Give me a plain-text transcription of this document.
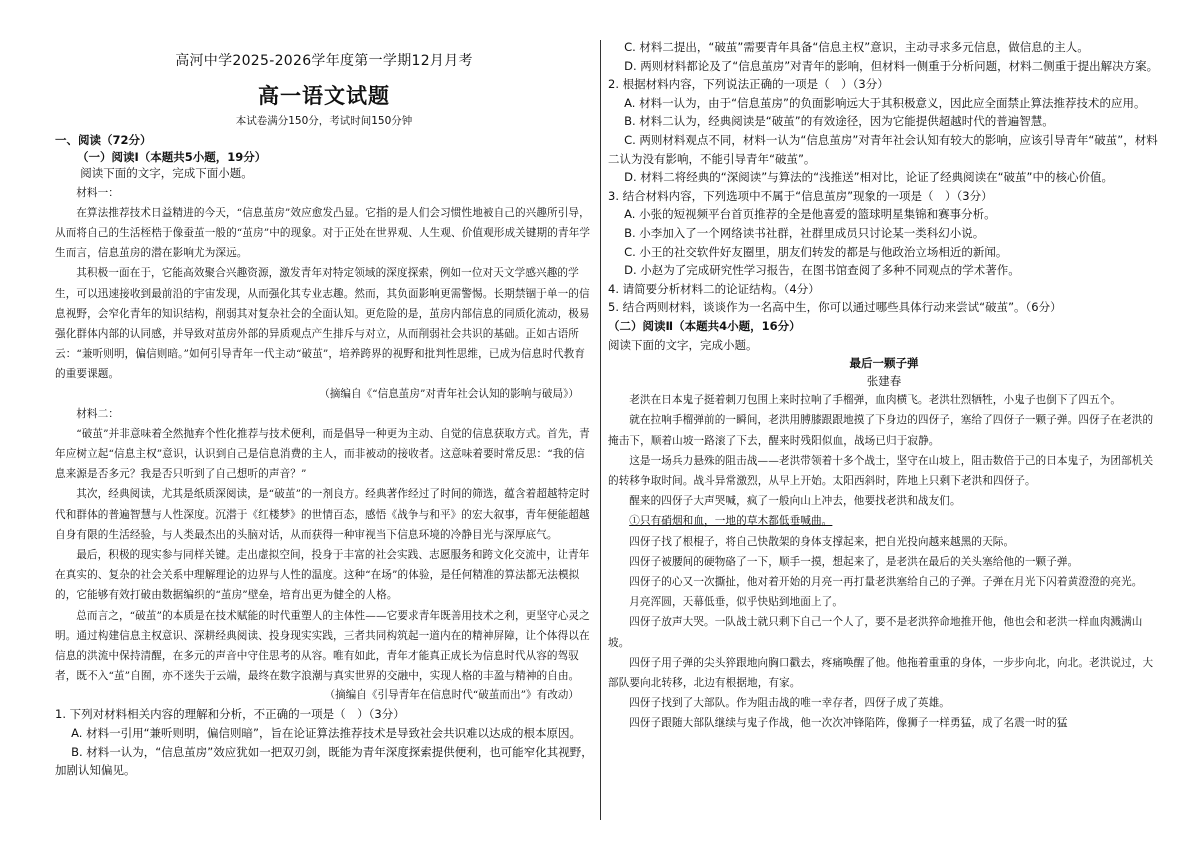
高河中学2025-2026学年度第一学期12月月考
高一语文试题
本试卷满分150分，考试时间150分钟
一、阅读（72分）
（一）阅读Ⅰ（本题共5小题，19分）

阅读下面的文字，完成下面小题。

材料一：

在算法推荐技术日益精进的今天，“信息茧房”效应愈发凸显。它指的是人们会习惯性地被自己的兴趣所引导，从而将自己的生活桎梏于像蚕茧一般的“茧房”中的现象。对于正处在世界观、人生观、价值观形成关键期的青年学生而言，信息茧房的潜在影响尤为深远。

其积极一面在于，它能高效聚合兴趣资源，激发青年对特定领域的深度探索，例如一位对天文学感兴趣的学生，可以迅速接收到最前沿的宇宙发现，从而强化其专业志趣。然而，其负面影响更需警惕。长期禁锢于单一的信息视野，会窄化青年的知识结构，削弱其对复杂社会的全面认知。更危险的是，茧房内部信息的同质化流动，极易强化群体内部的认同感，并导致对茧房外部的异质观点产生排斥与对立，从而削弱社会共识的基础。正如古语所云：“兼听则明，偏信则暗。”如何引导青年一代主动“破茧”，培养跨界的视野和批判性思维，已成为信息时代教育的重要课题。

（摘编自《“信息茧房”对青年社会认知的影响与破局》）

材料二：

“破茧”并非意味着全然抛弃个性化推荐与技术便利，而是倡导一种更为主动、自觉的信息获取方式。首先，青年应树立起“信息主权”意识，认识到自己是信息消费的主人，而非被动的接收者。这意味着要时常反思：“我的信息来源是否多元？我是否只听到了自己想听的声音？”

其次，经典阅读，尤其是纸质深阅读，是“破茧”的一剂良方。经典著作经过了时间的筛选，蕴含着超越特定时代和群体的普遍智慧与人性深度。沉潜于《红楼梦》的世情百态，感悟《战争与和平》的宏大叙事，青年便能超越自身有限的生活经验，与人类最杰出的头脑对话，从而获得一种审视当下信息环境的冷静目光与深厚底气。

最后，积极的现实参与同样关键。走出虚拟空间，投身于丰富的社会实践、志愿服务和跨文化交流中，让青年在真实的、复杂的社会关系中理解理论的边界与人性的温度。这种“在场”的体验，是任何精准的算法都无法模拟的，它能够有效打破由数据编织的“茧房”壁垒，培育出更为健全的人格。

总而言之，“破茧”的本质是在技术赋能的时代重塑人的主体性——它要求青年既善用技术之利，更坚守心灵之明。通过构建信息主权意识、深耕经典阅读、投身现实实践，三者共同构筑起一道内在的精神屏障，让个体得以在信息的洪流中保持清醒，在多元的声音中守住思考的从容。唯有如此，青年才能真正成长为信息时代从容的驾驭者，既不入“茧”自囿，亦不迷失于云端，最终在数字浪潮与真实世界的交融中，实现人格的丰盈与精神的自由。

（摘编自《引导青年在信息时代“破茧而出”》有改动）

1. 下列对材料相关内容的理解和分析，不正确的一项是（　）（3分）

A. 材料一引用“兼听则明，偏信则暗”，旨在论证算法推荐技术是导致社会共识难以达成的根本原因。

B. 材料一认为，“信息茧房”效应犹如一把双刃剑，既能为青年深度探索提供便利，也可能窄化其视野，加剧认知偏见。

C. 材料二提出，“破茧”需要青年具备“信息主权”意识，主动寻求多元信息，做信息的主人。

D. 两则材料都论及了“信息茧房”对青年的影响，但材料一侧重于分析问题，材料二侧重于提出解决方案。

2. 根据材料内容，下列说法正确的一项是（　）（3分）

A. 材料一认为，由于“信息茧房”的负面影响远大于其积极意义，因此应全面禁止算法推荐技术的应用。

B. 材料二认为，经典阅读是“破茧”的有效途径，因为它能提供超越时代的普遍智慧。

C. 两则材料观点不同，材料一认为“信息茧房”对青年社会认知有较大的影响，应该引导青年“破茧”，材料二认为没有影响，不能引导青年“破茧”。

D. 材料二将经典的“深阅读”与算法的“浅推送”相对比，论证了经典阅读在“破茧”中的核心价值。

3. 结合材料内容，下列选项中不属于“信息茧房”现象的一项是（　）（3分）

A. 小张的短视频平台首页推荐的全是他喜爱的篮球明星集锦和赛事分析。

B. 小李加入了一个网络读书社群，社群里成员只讨论某一类科幻小说。

C. 小王的社交软件好友圈里，朋友们转发的都是与他政治立场相近的新闻。

D. 小赵为了完成研究性学习报告，在图书馆查阅了多种不同观点的学术著作。

4. 请简要分析材料二的论证结构。（4分）

5. 结合两则材料，谈谈作为一名高中生，你可以通过哪些具体行动来尝试“破茧”。（6分）

（二）阅读Ⅱ（本题共4小题，16分）

阅读下面的文字，完成小题。

最后一颗子弹

张建春

老洪在日本鬼子挺着刺刀包围上来时拉响了手榴弹，血肉横飞。老洪壮烈牺牲，小鬼子也倒下了四五个。

就在拉响手榴弹前的一瞬间，老洪用膊膝跟跟地摸了下身边的四伢子，塞给了四伢子一颗子弹。四伢子在老洪的掩击下，顺着山坡一路滚了下去，醒来时残阳似血，战场已归于寂静。

这是一场兵力悬殊的阻击战——老洪带领着十多个战士，坚守在山坡上，阻击数倍于己的日本鬼子，为团部机关的转移争取时间。战斗异常激烈，从早上开始。太阳西斜时，阵地上只剩下老洪和四伢子。

醒来的四伢子大声哭喊，疯了一般向山上冲去，他要找老洪和战友们。

①只有硝烟和血，一地的草木都低垂喊曲。

四伢子找了根棍子，将自己快散架的身体支撑起来，把自光投向越来越黑的天际。

四伢子被腰间的硬物硌了一下，顺手一摸，想起来了，是老洪在最后的关头塞给他的一颗子弹。

四伢子的心又一次撕扯，他对着开始的月亮一再打量老洪塞给自己的子弹。子弹在月光下闪着黄澄澄的亮光。

月亮浑圆，天幕低垂，似乎快贴到地面上了。

四伢子放声大哭。一队战士就只剩下自己一个人了，要不是老洪猝命地推开他，他也会和老洪一样血肉溅满山坡。

四伢子用子弹的尖头猝跟地向胸口戳去，疼痛唤醒了他。他拖着重重的身体，一步步向北，向北。老洪说过，大部队要向北转移，北边有根据地，有家。

四伢子找到了大部队。作为阻击战的唯一幸存者，四伢子成了英雄。

四伢子跟随大部队继续与鬼子作战，他一次次冲锋陷阵，像狮子一样勇猛，成了名震一时的猛
